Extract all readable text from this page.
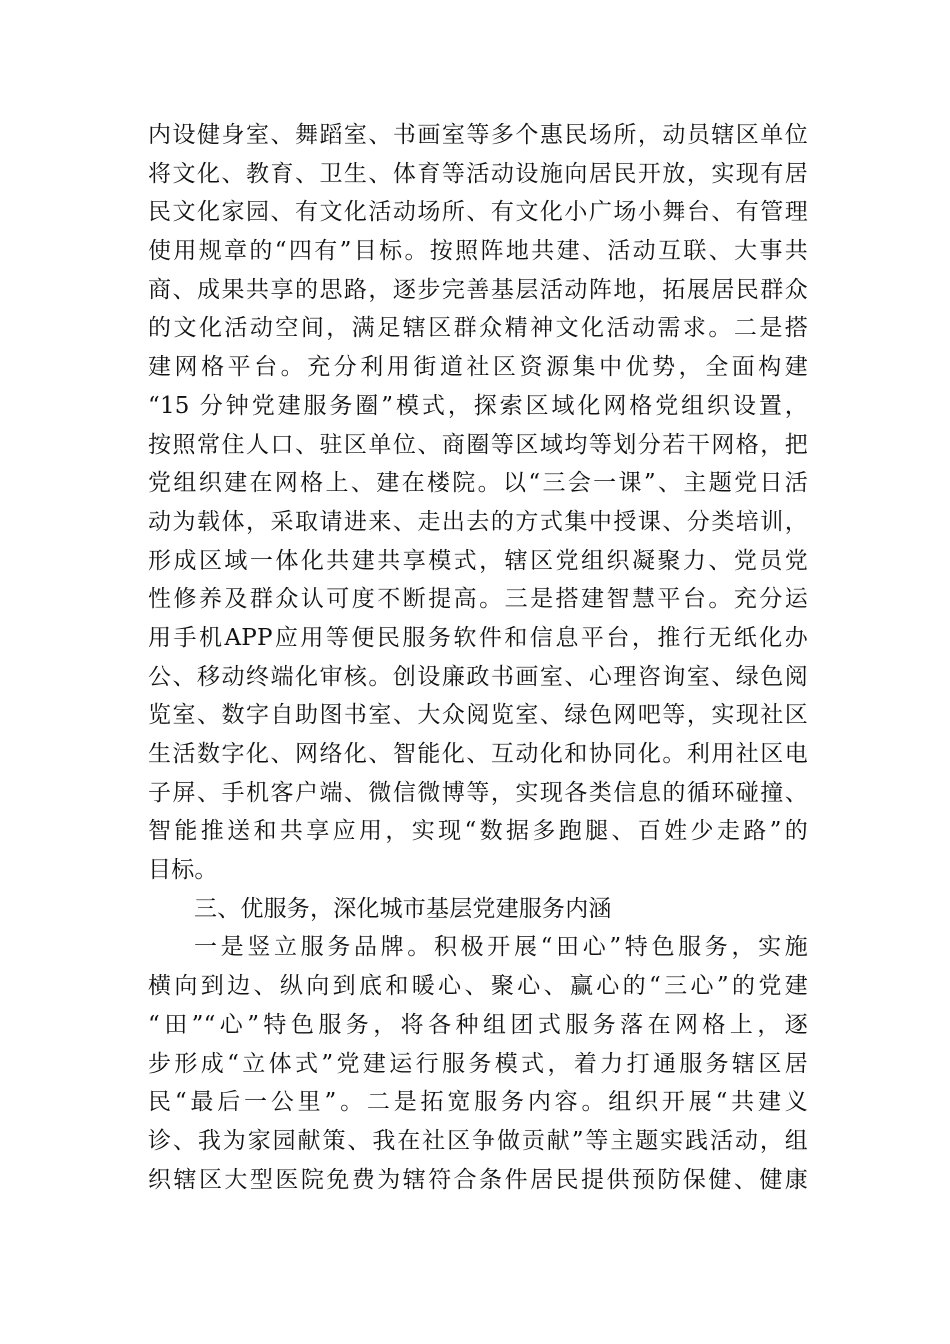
内设健身室、舞蹈室、书画室等多个惠民场所，动员辖区单位
将文化、教育、卫生、体育等活动设施向居民开放，实现有居
民文化家园、有文化活动场所、有文化小广场小舞台、有管理
使用规章的“四有”目标。按照阵地共建、活动互联、大事共
商、成果共享的思路，逐步完善基层活动阵地，拓展居民群众
的文化活动空间，满足辖区群众精神文化活动需求。二是搭
建网格平台。充分利用街道社区资源集中优势，全面构建
“15 分钟党建服务圈”模式，探索区域化网格党组织设置，
按照常住人口、驻区单位、商圈等区域均等划分若干网格，把
党组织建在网格上、建在楼院。以“三会一课”、主题党日活
动为载体，采取请进来、走出去的方式集中授课、分类培训，
形成区域一体化共建共享模式，辖区党组织凝聚力、党员党
性修养及群众认可度不断提高。三是搭建智慧平台。充分运
用手机APP应用等便民服务软件和信息平台，推行无纸化办
公、移动终端化审核。创设廉政书画室、心理咨询室、绿色阅
览室、数字自助图书室、大众阅览室、绿色网吧等，实现社区
生活数字化、网络化、智能化、互动化和协同化。利用社区电
子屏、手机客户端、微信微博等，实现各类信息的循环碰撞、
智能推送和共享应用，实现“数据多跑腿、百姓少走路”的
目标。
三、优服务，深化城市基层党建服务内涵
一是竖立服务品牌。积极开展“田心”特色服务，实施
横向到边、纵向到底和暖心、聚心、赢心的“三心”的党建
“田”“心”特色服务，将各种组团式服务落在网格上，逐
步形成“立体式”党建运行服务模式，着力打通服务辖区居
民“最后一公里”。二是拓宽服务内容。组织开展“共建义
诊、我为家园献策、我在社区争做贡献”等主题实践活动，组
织辖区大型医院免费为辖符合条件居民提供预防保健、健康
